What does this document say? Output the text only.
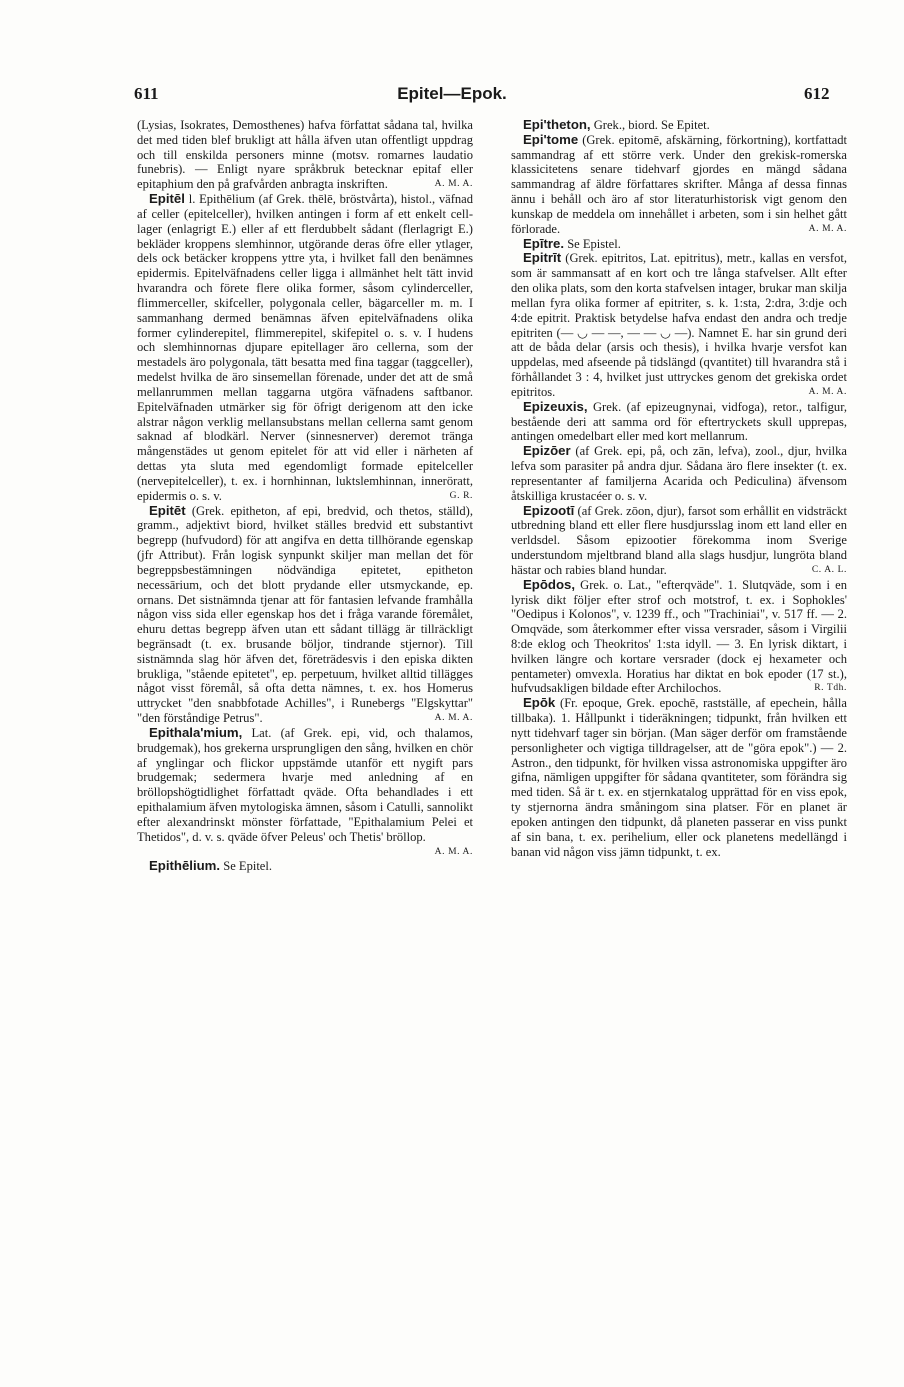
611	Epitel—Epok.	612

(Lysias, Isokrates, Demosthenes) hafva författat sådana tal, hvilka det med tiden blef brukligt att hålla äfven utan offentligt uppdrag och till enskilda personers minne (motsv. romarnes laudatio funebris). — Enligt nyare språkbruk betecknar epitaf eller epitaphium den på grafvården anbragta inskriften.	A. M. A.

Epitēl l. Epithēlium (af Grek. thēlē, bröstvårta), histol., väfnad af celler (epitelceller), hvilken antingen i form af ett enkelt cell-lager (enlagrigt E.) eller af ett flerdubbelt sådant (flerlagrigt E.) bekläder kroppens slemhinnor, utgörande deras öfre eller ytlager, dels ock betäcker kroppens yttre yta, i hvilket fall den benämnes epidermis. Epitelväfnadens celler ligga i allmänhet helt tätt invid hvarandra och förete flere olika former, såsom cylinderceller, flimmerceller, skifceller, polygonala celler, bägarceller m. m. I sammanhang dermed benämnas äfven epitelväfnadens olika former cylinderepitel, flimmerepitel, skifepitel o. s. v. I hudens och slemhinnornas djupare epitellager äro cellerna, som der mestadels äro polygonala, tätt besatta med fina taggar (taggceller), medelst hvilka de äro sinsemellan förenade, under det att de små mellanrummen mellan taggarna utgöra väfnadens saftbanor. Epitelväfnaden utmärker sig för öfrigt derigenom att den icke alstrar någon verklig mellansubstans mellan cellerna samt genom saknad af blodkärl. Nerver (sinnesnerver) deremot tränga mångenstädes ut genom epitelet för att vid eller i närheten af dettas yta sluta med egendomligt formade epitelceller (nervepitelceller), t. ex. i hornhinnan, luktslemhinnan, inneröratt, epidermis o. s. v.	G. R.

Epitēt (Grek. epitheton, af epi, bredvid, och thetos, ställd), gramm., adjektivt biord, hvilket ställes bredvid ett substantivt begrepp (hufvudord) för att angifva en detta tillhörande egenskap (jfr Attribut). Från logisk synpunkt skiljer man mellan det för begreppsbestämningen nödvändiga epitetet, epitheton necessārium, och det blott prydande eller utsmyckande, ep. ornans. Det sistnämnda tjenar att för fantasien lefvande framhålla någon viss sida eller egenskap hos det i fråga varande föremålet, ehuru dettas begrepp äfven utan ett sådant tillägg är tillräckligt begränsadt (t. ex. brusande böljor, tindrande stjernor). Till sistnämnda slag hör äfven det, företrädesvis i den episka dikten brukliga, "stående epitetet", ep. perpetuum, hvilket alltid tillägges något visst föremål, så ofta detta nämnes, t. ex. hos Homerus uttrycket "den snabbfotade Achilles", i Runebergs "Elgskyttar" "den förståndige Petrus".	A. M. A.

Epithala'mium, Lat. (af Grek. epi, vid, och thalamos, brudgemak), hos grekerna ursprungligen den sång, hvilken en chör af ynglingar och flickor uppstämde utanför ett nygift pars brudgemak; sedermera hvarje med anledning af en bröllopshögtidlighet författadt qväde. Ofta behandlades i ett epithalamium äfven mytologiska ämnen, såsom i Catulli, sannolikt efter alexandrinskt mönster författade, "Epithalamium Pelei et Thetidos", d. v. s. qväde öfver Peleus' och Thetis' bröllop.
A. M. A.

Epithēlium. Se Epitel.

Epi'theton, Grek., biord. Se Epitet.

Epi'tome (Grek. epitomē, afskärning, förkortning), kortfattadt sammandrag af ett större verk. Under den grekisk-romerska klassicitetens senare tidehvarf gjordes en mängd sådana sammandrag af äldre författares skrifter. Många af dessa finnas ännu i behåll och äro af stor literaturhistorisk vigt genom den kunskap de meddela om innehållet i arbeten, som i sin helhet gått förlorade.	A. M. A.

Epītre. Se Epistel.

Epitrīt (Grek. epitritos, Lat. epitritus), metr., kallas en versfot, som är sammansatt af en kort och tre långa stafvelser. Allt efter den olika plats, som den korta stafvelsen intager, brukar man skilja mellan fyra olika former af epitriter, s. k. 1:sta, 2:dra, 3:dje och 4:de epitrit. Praktisk betydelse hafva endast den andra och tredje epitriten (— ◡ — —, — — ◡ —). Namnet E. har sin grund deri att de båda delar (arsis och thesis), i hvilka hvarje versfot kan uppdelas, med afseende på tidslängd (qvantitet) till hvarandra stå i förhållandet 3 : 4, hvilket just uttryckes genom det grekiska ordet epitritos.	A. M. A.

Epizeuxis, Grek. (af epizeugnynai, vidfoga), retor., talfigur, bestående deri att samma ord för eftertryckets skull upprepas, antingen omedelbart eller med kort mellanrum.

Epizōer (af Grek. epi, på, och zān, lefva), zool., djur, hvilka lefva som parasiter på andra djur. Sådana äro flere insekter (t. ex. representanter af familjerna Acarida och Pediculina) äfvensom åtskilliga krustacéer o. s. v.

Epizootī (af Grek. zōon, djur), farsot som erhållit en vidsträckt utbredning bland ett eller flere husdjursslag inom ett land eller en verldsdel. Såsom epizootier förekomma inom Sverige understundom mjeltbrand bland alla slags husdjur, lungröta bland hästar och rabies bland hundar.	C. A. L.

Epōdos, Grek. o. Lat., "efterqväde". 1. Slutqväde, som i en lyrisk dikt följer efter strof och motstrof, t. ex. i Sophokles' "Oedipus i Kolonos", v. 1239 ff., och "Trachiniai", v. 517 ff. — 2. Omqväde, som återkommer efter vissa versrader, såsom i Virgilii 8:de eklog och Theokritos' 1:sta idyll. — 3. En lyrisk diktart, i hvilken längre och kortare versrader (dock ej hexameter och pentameter) omvexla. Horatius har diktat en bok epoder (17 st.), hufvudsakligen bildade efter Archilochos.	R. Tdh.

Epōk (Fr. epoque, Grek. epochē, rastställe, af epechein, hålla tillbaka). 1. Hållpunkt i tideräkningen; tidpunkt, från hvilken ett nytt tidehvarf tager sin början. (Man säger derför om framstående personligheter och vigtiga tilldragelser, att de "göra epok".) — 2. Astron., den tidpunkt, för hvilken vissa astronomiska uppgifter äro gifna, nämligen uppgifter för sådana qvantiteter, som förändra sig med tiden. Så är t. ex. en stjernkatalog upprättad för en viss epok, ty stjernorna ändra småningom sina platser. För en planet är epoken antingen den tidpunkt, då planeten passerar en viss punkt af sin bana, t. ex. perihelium, eller ock planetens medellängd i banan vid någon viss jämn tidpunkt, t. ex.
